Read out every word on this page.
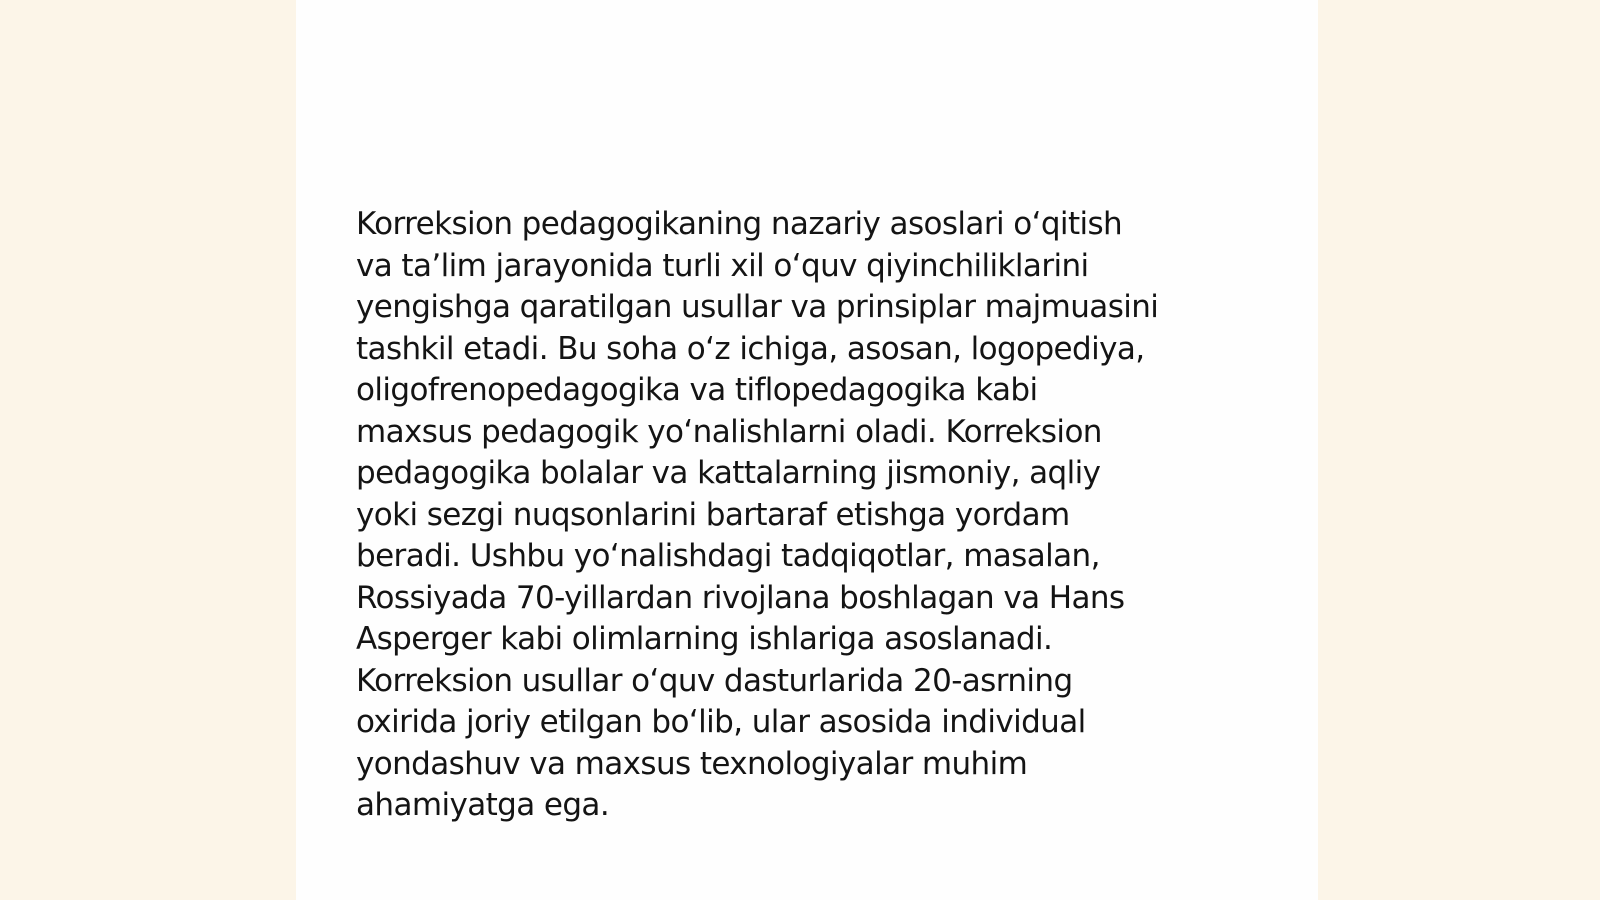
Korreksion pedagogikaning nazariy asoslari o‘qitish
va ta’lim jarayonida turli xil o‘quv qiyinchiliklarini
yengishga qaratilgan usullar va prinsiplar majmuasini
tashkil etadi. Bu soha o‘z ichiga, asosan, logopediya,
oligofrenopedagogika va tiflopedagogika kabi
maxsus pedagogik yo‘nalishlarni oladi. Korreksion
pedagogika bolalar va kattalarning jismoniy, aqliy
yoki sezgi nuqsonlarini bartaraf etishga yordam
beradi. Ushbu yo‘nalishdagi tadqiqotlar, masalan,
Rossiyada 70-yillardan rivojlana boshlagan va Hans
Asperger kabi olimlarning ishlariga asoslanadi.
Korreksion usullar o‘quv dasturlarida 20-asrning
oxirida joriy etilgan bo‘lib, ular asosida individual
yondashuv va maxsus texnologiyalar muhim
ahamiyatga ega.
